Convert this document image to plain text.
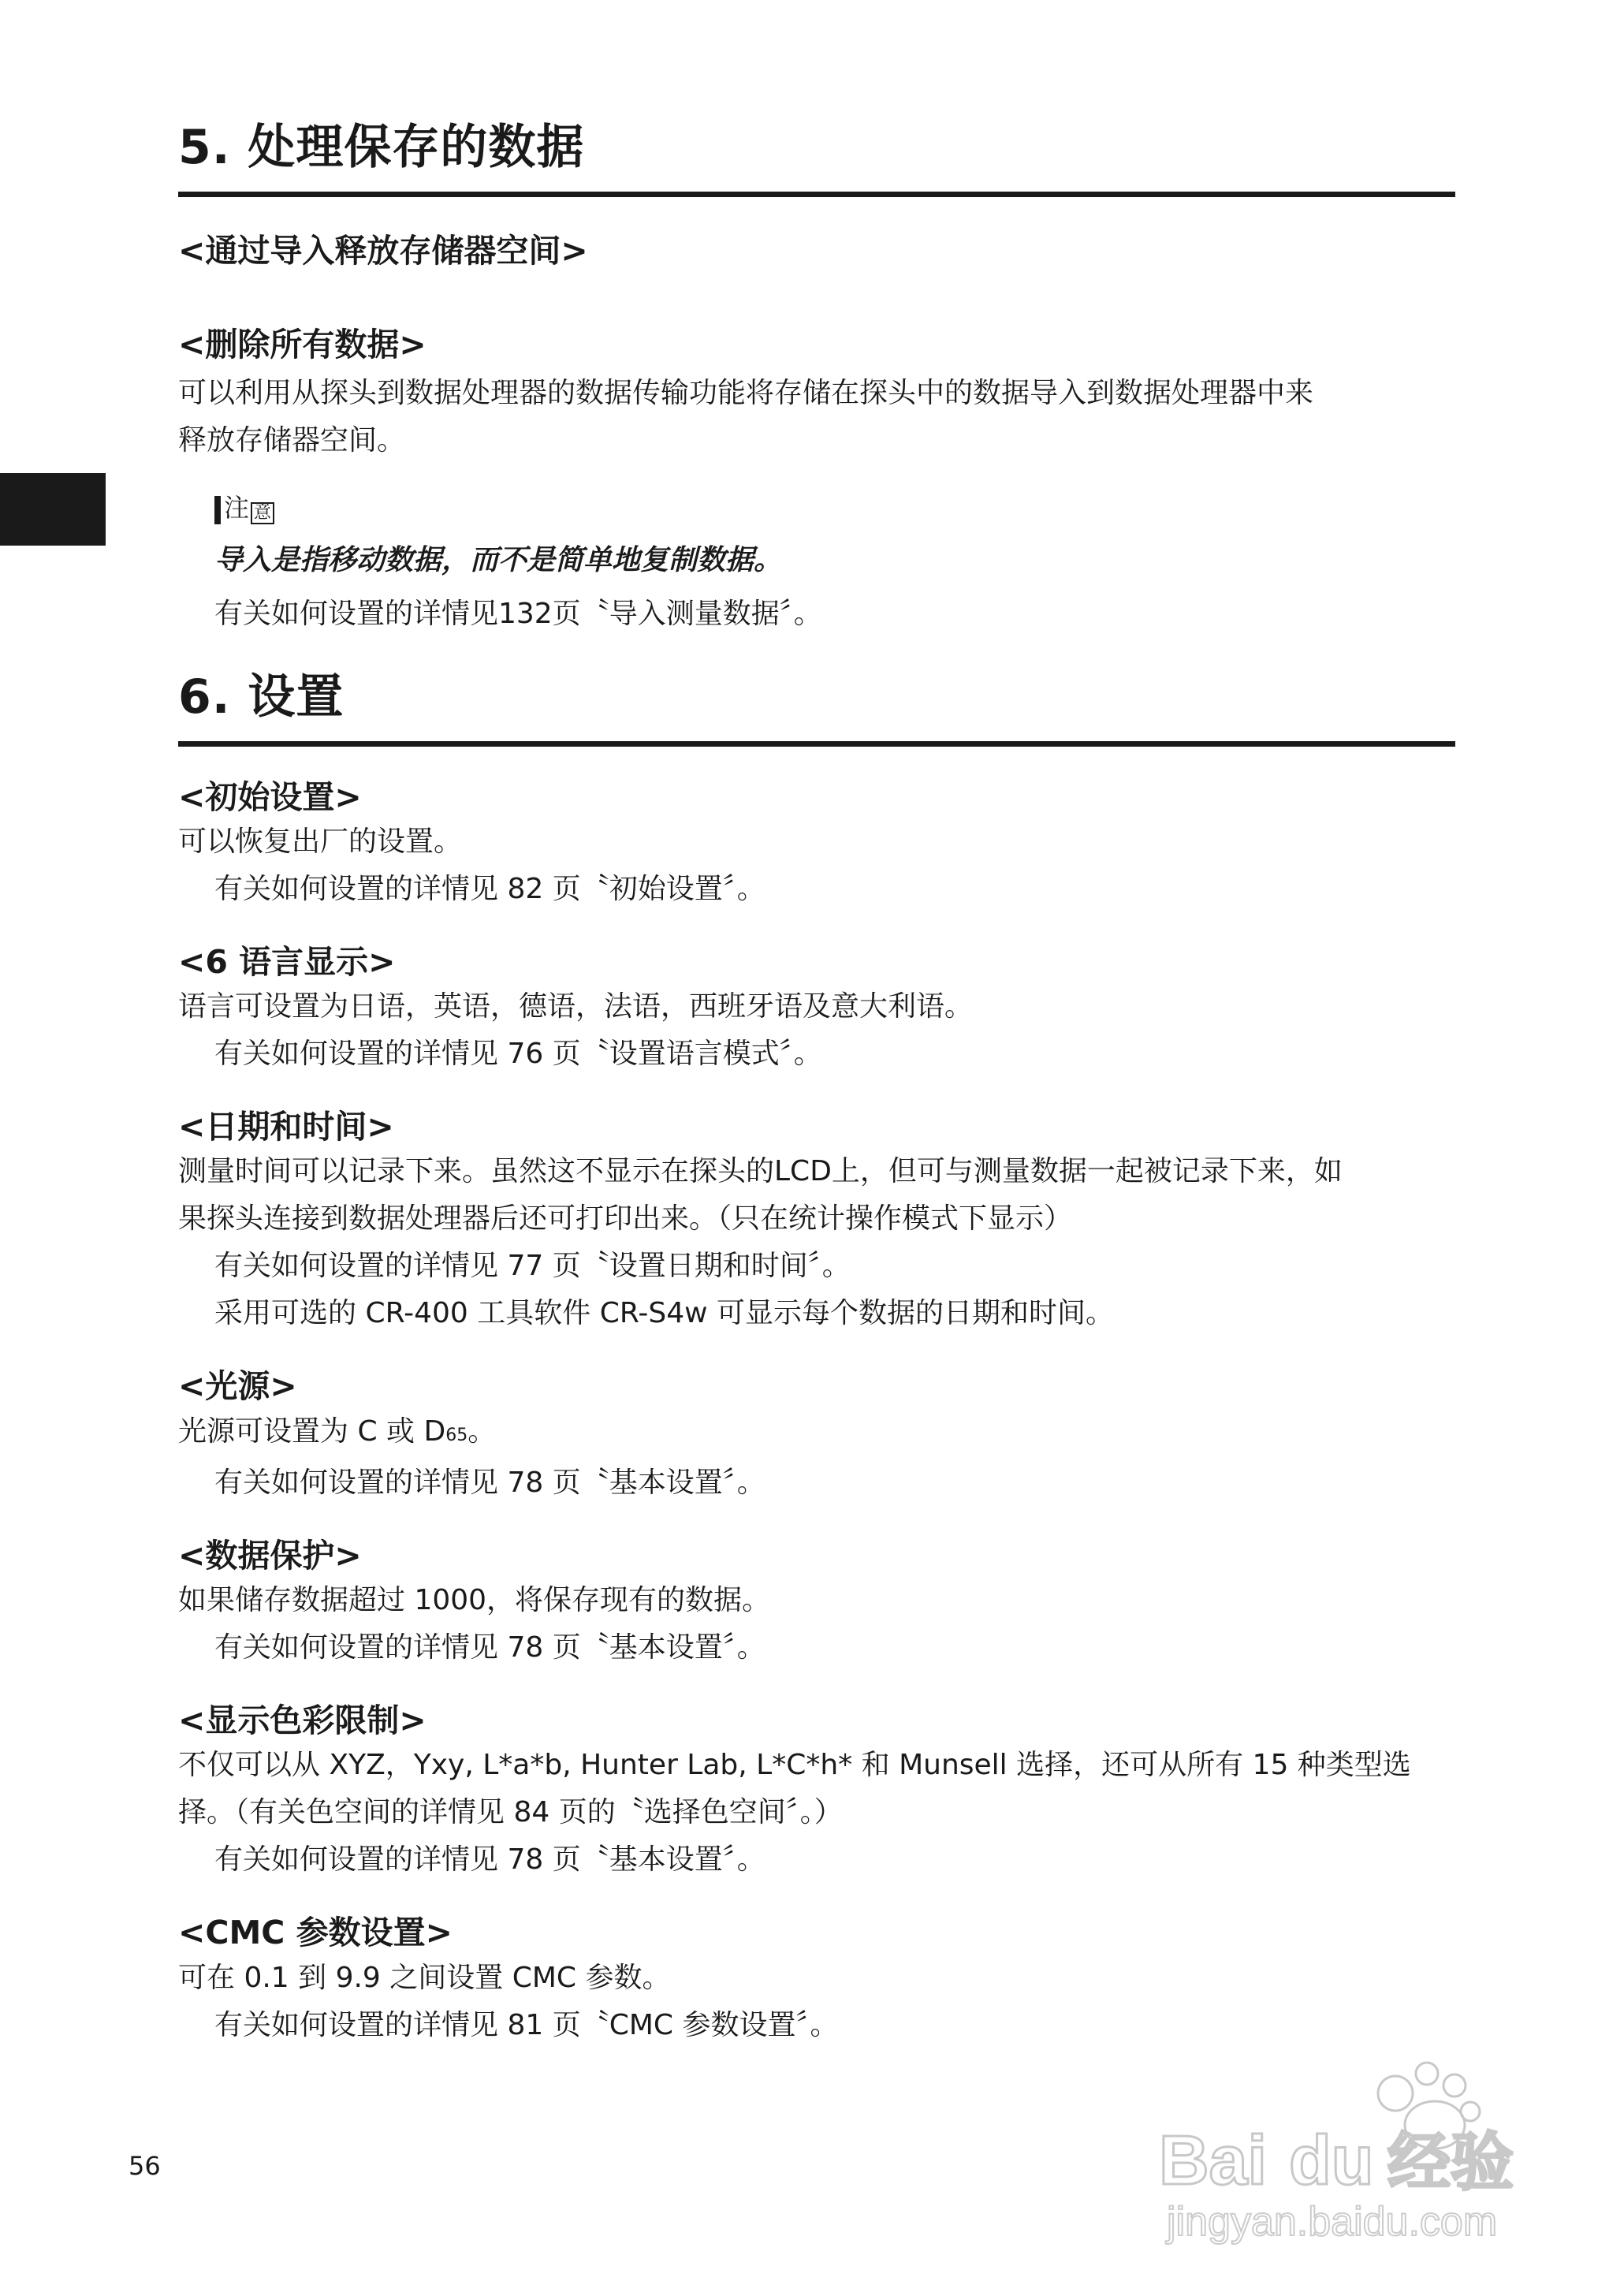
5. 处理保存的数据
<通过导入释放存储器空间>
<删除所有数据>

可以利用从探头到数据处理器的数据传输功能将存储在探头中的数据导入到数据处理器中来

释放存储器空间。

注 意

导入是指移动数据，而不是简单地复制数据。

有关如何设置的详情见132页〝导入测量数据〞。

6. 设置
<初始设置>

可以恢复出厂的设置。

有关如何设置的详情见 82 页〝初始设置〞。

<6 语言显示>

语言可设置为日语，英语，德语，法语，西班牙语及意大利语。

有关如何设置的详情见 76 页〝设置语言模式〞。

<日期和时间>

测量时间可以记录下来。虽然这不显示在探头的LCD上，但可与测量数据一起被记录下来，如

果探头连接到数据处理器后还可打印出来。（只在统计操作模式下显示）

有关如何设置的详情见 77 页〝设置日期和时间〞。

采用可选的 CR-400 工具软件 CR-S4w 可显示每个数据的日期和时间。

<光源>

光源可设置为 C 或 D65。

有关如何设置的详情见 78 页〝基本设置〞。

<数据保护>

如果储存数据超过 1000，将保存现有的数据。

有关如何设置的详情见 78 页〝基本设置〞。

<显示色彩限制>

不仅可以从 XYZ，Yxy, L*a*b, Hunter Lab, L*C*h* 和 Munsell 选择，还可从所有 15 种类型选

择。（有关色空间的详情见 84 页的〝选择色空间〞。）

有关如何设置的详情见 78 页〝基本设置〞。

<CMC 参数设置>

可在 0.1 到 9.9 之间设置 CMC 参数。

有关如何设置的详情见 81 页〝CMC 参数设置〞。

56	Bai du 经验
jingyan.baidu.com
